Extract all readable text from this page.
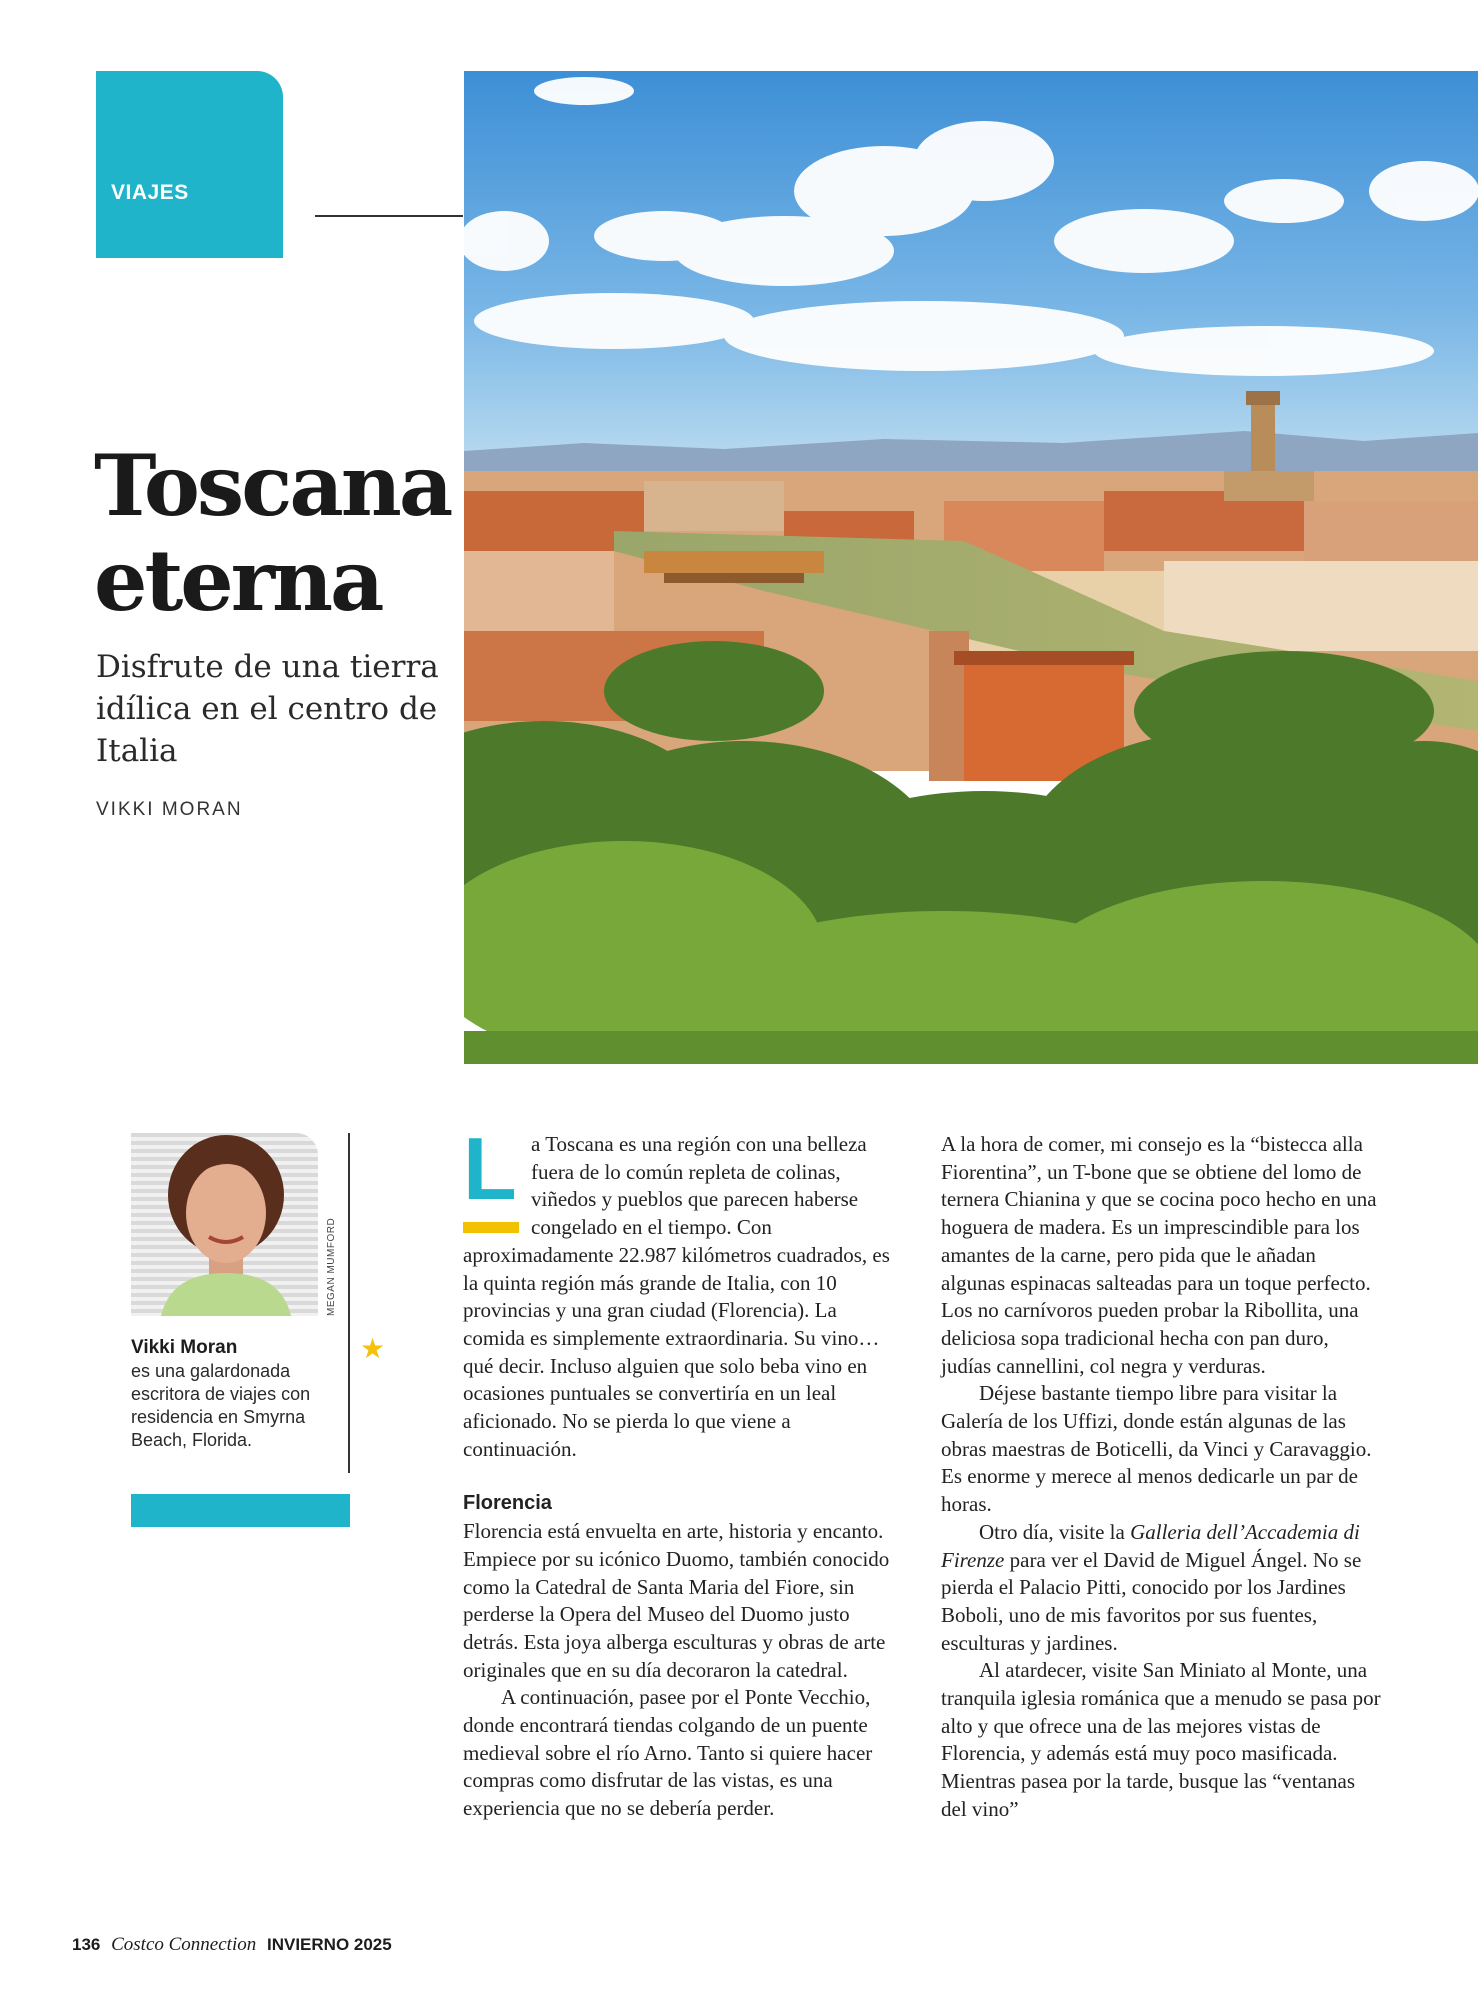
VIAJES
Toscana
eterna
Disfrute de una tierra idílica en el centro de Italia
VIKKI MORAN
MEGAN MUMFORD
★
Vikki Moran
es una galardonada escritora de viajes con residencia en Smyrna Beach, Florida.
L a Toscana es una región con una belleza fuera de lo común repleta de colinas, viñedos y pueblos que parecen haberse congelado en el tiempo. Con aproximadamente 22.987 kilómetros cuadrados, es la quinta región más grande de Italia, con 10 provincias y una gran ciudad (Florencia). La comida es simplemente extraordinaria. Su vino… qué decir. Incluso alguien que solo beba vino en ocasiones puntuales se convertiría en un leal aficionado. No se pierda lo que viene a continuación.

Florencia

Florencia está envuelta en arte, historia y encanto. Empiece por su icónico Duomo, también conocido como la Catedral de Santa Maria del Fiore, sin perderse la Opera del Museo del Duomo justo detrás. Esta joya alberga esculturas y obras de arte originales que en su día decoraron la catedral.

A continuación, pasee por el Ponte Vecchio, donde encontrará tiendas colgando de un puente medieval sobre el río Arno. Tanto si quiere hacer compras como disfrutar de las vistas, es una experiencia que no se debería perder.

A la hora de comer, mi consejo es la “bistecca alla Fiorentina”, un T-bone que se obtiene del lomo de ternera Chianina y que se cocina poco hecho en una hoguera de madera. Es un imprescindible para los amantes de la carne, pero pida que le añadan algunas espinacas salteadas para un toque perfecto. Los no carnívoros pueden probar la Ribollita, una deliciosa sopa tradicional hecha con pan duro, judías cannellini, col negra y verduras.

Déjese bastante tiempo libre para visitar la Galería de los Uffizi, donde están algunas de las obras maestras de Boticelli, da Vinci y Caravaggio. Es enorme y merece al menos dedicarle un par de horas.

Otro día, visite la Galleria dell’Accademia di Firenze para ver el David de Miguel Ángel. No se pierda el Palacio Pitti, conocido por los Jardines Boboli, uno de mis favoritos por sus fuentes, esculturas y jardines.

Al atardecer, visite San Miniato al Monte, una tranquila iglesia románica que a menudo se pasa por alto y que ofrece una de las mejores vistas de Florencia, y además está muy poco masificada. Mientras pasea por la tarde, busque las “ventanas del vino”

136 Costco Connection INVIERNO 2025
